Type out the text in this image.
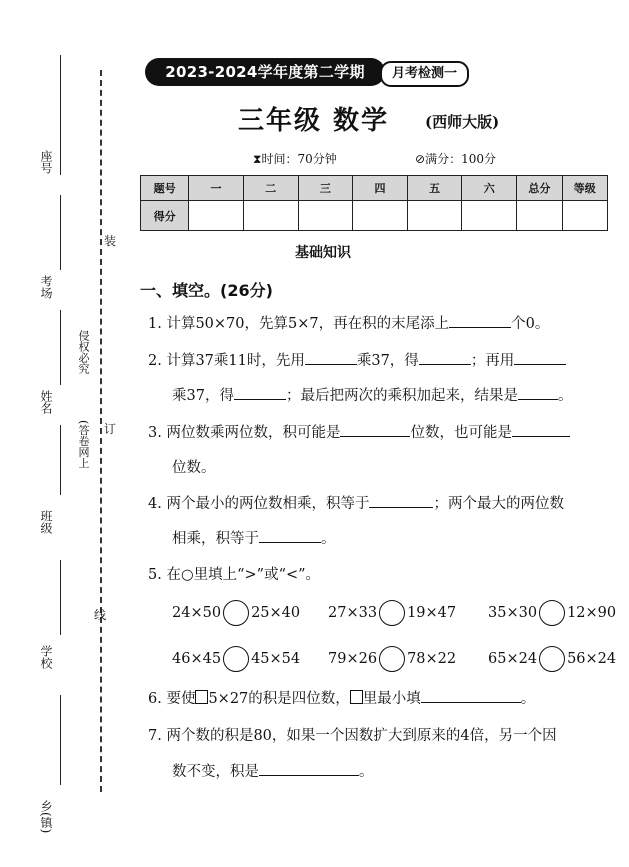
座号
考场
姓名
班级
学校
乡(镇)
侵权必究
(答卷网上
装
订
线
2023-2024学年度第二学期	月考检测一
三年级 数学 (西师大版)
⧗时间：70分钟	⊘满分：100分
题号	一	二	三	四	五	六	总分	等级
得分								
基础知识
一、填空。(26分)
1. 计算50×70，先算5×7，再在积的末尾添上	个0。
2. 计算37乘11时，先用	乘37，得	；再用
乘37，得	；最后把两次的乘积加起来，结果是	。
3. 两位数乘两位数，积可能是	位数，也可能是
位数。
4. 两个最小的两位数相乘，积等于	；两个最大的两位数
相乘，积等于	。
5. 在○里填上“>”或“<”。
24×50 25×40 27×33 19×47 35×30 12×90
46×45 45×54 79×26 78×22 65×24 56×24
6. 要使 5×27的积是四位数， 里最小填	。
7. 两个数的积是80，如果一个因数扩大到原来的4倍，另一个因
数不变，积是	。
